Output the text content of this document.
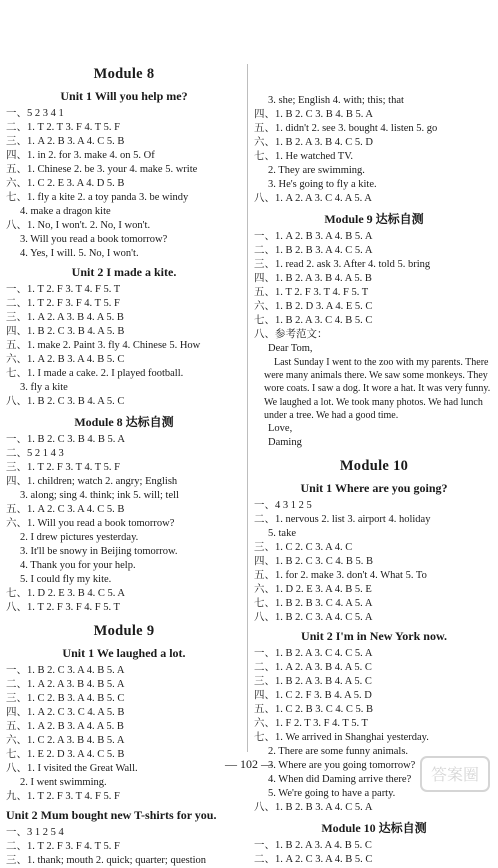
Module 8
Unit 1 Will you help me?
一、5 2 3 4 1
二、1. T 2. T 3. F 4. T 5. F
三、1. A 2. B 3. A 4. C 5. B
四、1. in 2. for 3. make 4. on 5. Of
五、1. Chinese 2. be 3. your 4. make 5. write
六、1. C 2. E 3. A 4. D 5. B
七、1. fly a kite 2. a toy panda 3. be windy
4. make a dragon kite
八、1. No, I won't. 2. No, I won't.
3. Will you read a book tomorrow?
4. Yes, I will. 5. No, I won't.
Unit 2 I made a kite.
一、1. T 2. F 3. T 4. F 5. T
二、1. T 2. F 3. F 4. T 5. F
三、1. A 2. A 3. B 4. A 5. B
四、1. B 2. C 3. B 4. A 5. B
五、1. make 2. Paint 3. fly 4. Chinese 5. How
六、1. A 2. B 3. A 4. B 5. C
七、1. I made a cake. 2. I played football.
3. fly a kite
八、1. B 2. C 3. B 4. A 5. C
Module 8 达标自测
一、1. B 2. C 3. B 4. B 5. A
二、5 2 1 4 3
三、1. T 2. F 3. T 4. T 5. F
四、1. children; watch 2. angry; English
3. along; sing 4. think; ink 5. will; tell
五、1. A 2. C 3. A 4. C 5. B
六、1. Will you read a book tomorrow?
2. I drew pictures yesterday.
3. It'll be snowy in Beijing tomorrow.
4. Thank you for your help.
5. I could fly my kite.
七、1. D 2. E 3. B 4. C 5. A
八、1. T 2. F 3. F 4. F 5. T
Module 9
Unit 1 We laughed a lot.
一、1. B 2. C 3. A 4. B 5. A
二、1. A 2. A 3. B 4. B 5. A
三、1. C 2. B 3. A 4. B 5. C
四、1. A 2. C 3. C 4. A 5. B
五、1. A 2. B 3. A 4. A 5. B
六、1. C 2. A 3. B 4. B 5. A
七、1. E 2. D 3. A 4. C 5. B
八、1. I visited the Great Wall.
2. I went swimming.
九、1. T 2. F 3. T 4. F 5. F
Unit 2 Mum bought new T-shirts for you.
一、3 1 2 5 4
二、1. T 2. F 3. F 4. T 5. F
三、1. thank; mouth 2. quick; quarter; question
3. she; English 4. with; this; that
四、1. B 2. C 3. B 4. B 5. A
五、1. didn't 2. see 3. bought 4. listen 5. go
六、1. B 2. A 3. B 4. C 5. D
七、1. He watched TV.
2. They are swimming.
3. He's going to fly a kite.
八、1. A 2. A 3. C 4. A 5. A
Module 9 达标自测
一、1. A 2. B 3. A 4. B 5. A
二、1. B 2. B 3. A 4. C 5. A
三、1. read 2. ask 3. After 4. told 5. bring
四、1. B 2. A 3. B 4. A 5. B
五、1. T 2. F 3. T 4. F 5. T
六、1. B 2. D 3. A 4. E 5. C
七、1. B 2. A 3. C 4. B 5. C
八、参考范文：
Dear Tom,
Last Sunday I went to the zoo with my parents. There were many animals there. We saw some monkeys. They wore coats. I saw a dog. It wore a hat. It was very funny. We laughed a lot. We took many photos. We had lunch under a tree. We had a good time.
Love,
Daming
Module 10
Unit 1 Where are you going?
一、4 3 1 2 5
二、1. nervous 2. list 3. airport 4. holiday
5. take
三、1. C 2. C 3. A 4. C
四、1. B 2. C 3. C 4. B 5. B
五、1. for 2. make 3. don't 4. What 5. To
六、1. D 2. E 3. A 4. B 5. E
七、1. B 2. B 3. C 4. A 5. A
八、1. B 2. C 3. A 4. C 5. A
Unit 2 I'm in New York now.
一、1. B 2. A 3. C 4. C 5. A
二、1. A 2. A 3. B 4. A 5. C
三、1. B 2. A 3. B 4. A 5. C
四、1. C 2. F 3. B 4. A 5. D
五、1. C 2. B 3. C 4. C 5. B
六、1. F 2. T 3. F 4. T 5. T
七、1. We arrived in Shanghai yesterday.
2. There are some funny animals.
3. Where are you going tomorrow?
4. When did Daming arrive there?
5. We're going to have a party.
八、1. B 2. B 3. A 4. C 5. A
Module 10 达标自测
一、1. B 2. A 3. A 4. B 5. C
二、1. A 2. C 3. A 4. B 5. C
— 102 —
答案圈
